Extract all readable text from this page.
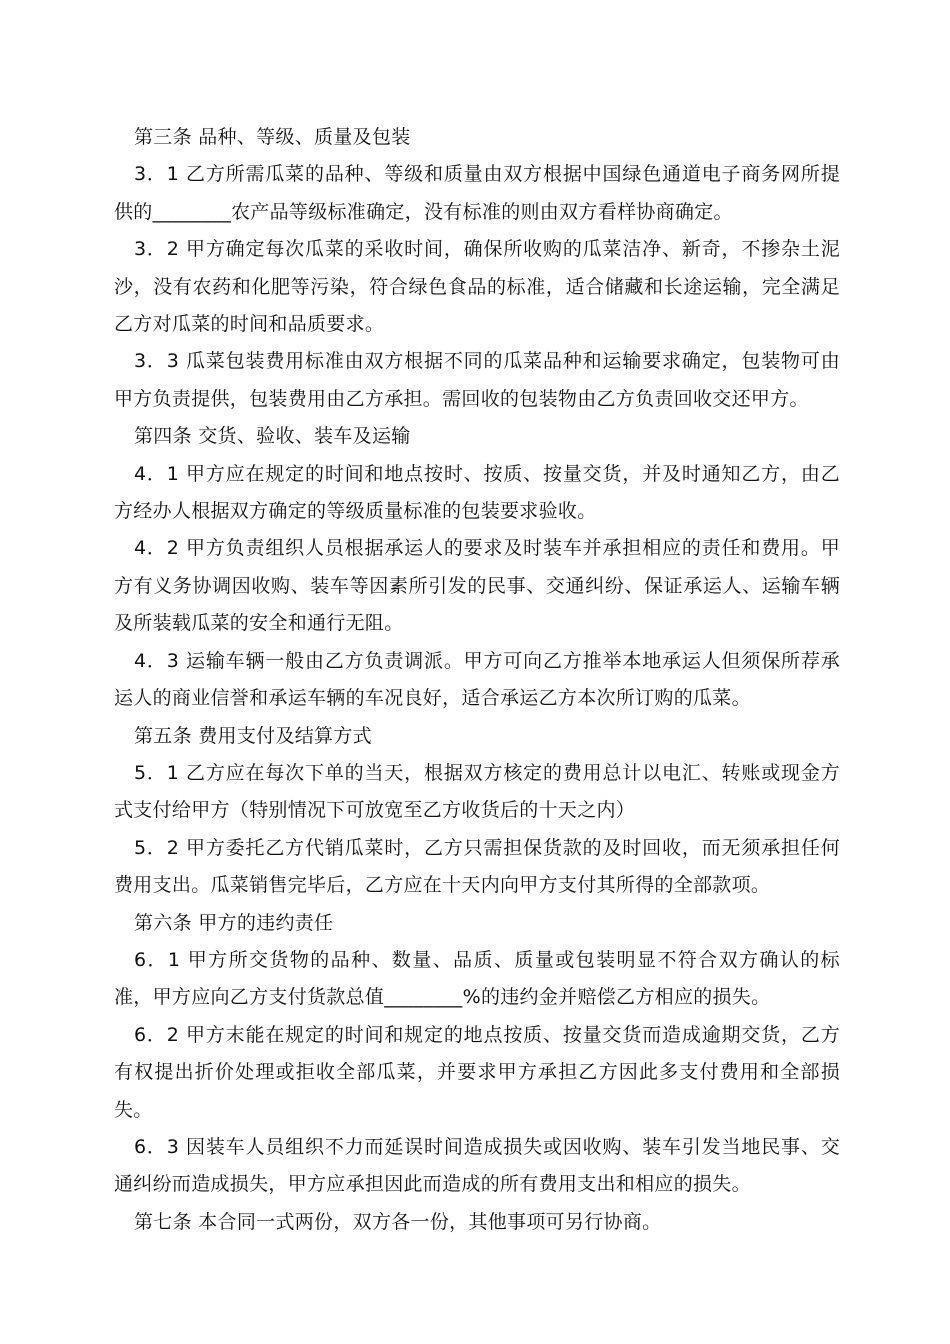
第三条 品种、等级、质量及包装

3．1 乙方所需瓜菜的品种、等级和质量由双方根据中国绿色通道电子商务网所提供的________农产品等级标准确定，没有标准的则由双方看样协商确定。

3．2 甲方确定每次瓜菜的采收时间，确保所收购的瓜菜洁净、新奇，不掺杂土泥沙，没有农药和化肥等污染，符合绿色食品的标准，适合储藏和长途运输，完全满足乙方对瓜菜的时间和品质要求。

3．3 瓜菜包装费用标准由双方根据不同的瓜菜品种和运输要求确定，包装物可由甲方负责提供，包装费用由乙方承担。需回收的包装物由乙方负责回收交还甲方。

第四条 交货、验收、装车及运输

4．1 甲方应在规定的时间和地点按时、按质、按量交货，并及时通知乙方，由乙方经办人根据双方确定的等级质量标准的包装要求验收。

4．2 甲方负责组织人员根据承运人的要求及时装车并承担相应的责任和费用。甲方有义务协调因收购、装车等因素所引发的民事、交通纠纷、保证承运人、运输车辆及所装载瓜菜的安全和通行无阻。

4．3 运输车辆一般由乙方负责调派。甲方可向乙方推举本地承运人但须保所荐承运人的商业信誉和承运车辆的车况良好，适合承运乙方本次所订购的瓜菜。

第五条 费用支付及结算方式

5．1 乙方应在每次下单的当天，根据双方核定的费用总计以电汇、转账或现金方式支付给甲方（特别情况下可放宽至乙方收货后的十天之内）

5．2 甲方委托乙方代销瓜菜时，乙方只需担保货款的及时回收，而无须承担任何费用支出。瓜菜销售完毕后，乙方应在十天内向甲方支付其所得的全部款项。

第六条 甲方的违约责任

6．1 甲方所交货物的品种、数量、品质、质量或包装明显不符合双方确认的标准，甲方应向乙方支付货款总值________%的违约金并赔偿乙方相应的损失。

6．2 甲方末能在规定的时间和规定的地点按质、按量交货而造成逾期交货，乙方有权提出折价处理或拒收全部瓜菜，并要求甲方承担乙方因此多支付费用和全部损失。

6．3 因装车人员组织不力而延误时间造成损失或因收购、装车引发当地民事、交通纠纷而造成损失，甲方应承担因此而造成的所有费用支出和相应的损失。

第七条 本合同一式两份，双方各一份，其他事项可另行协商。
